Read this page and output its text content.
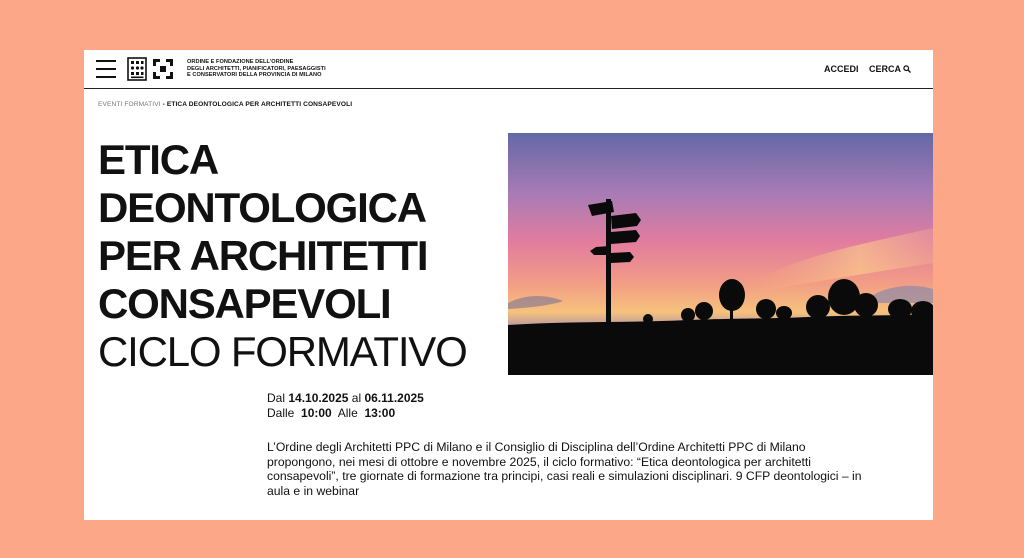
ORDINE E FONDAZIONE DELL'ORDINE
DEGLI ARCHITETTI, PIANIFICATORI, PAESAGGISTI
E CONSERVATORI DELLA PROVINCIA DI MILANO
ACCEDI CERCA
EVENTI FORMATIVI - ETICA DEONTOLOGICA PER ARCHITETTI CONSAPEVOLI
ETICA
DEONTOLOGICA
PER ARCHITETTI
CONSAPEVOLI
CICLO FORMATIVO
Dal 14.10.2025 al 06.11.2025
Dalle 10:00 Alle 13:00

L’Ordine degli Architetti PPC di Milano e il Consiglio di Disciplina dell’Ordine Architetti PPC di Milano propongono, nei mesi di ottobre e novembre 2025, il ciclo formativo: “Etica deontologica per architetti consapevoli”, tre giornate di formazione tra principi, casi reali e simulazioni disciplinari. 9 CFP deontologici – in aula e in webinar
